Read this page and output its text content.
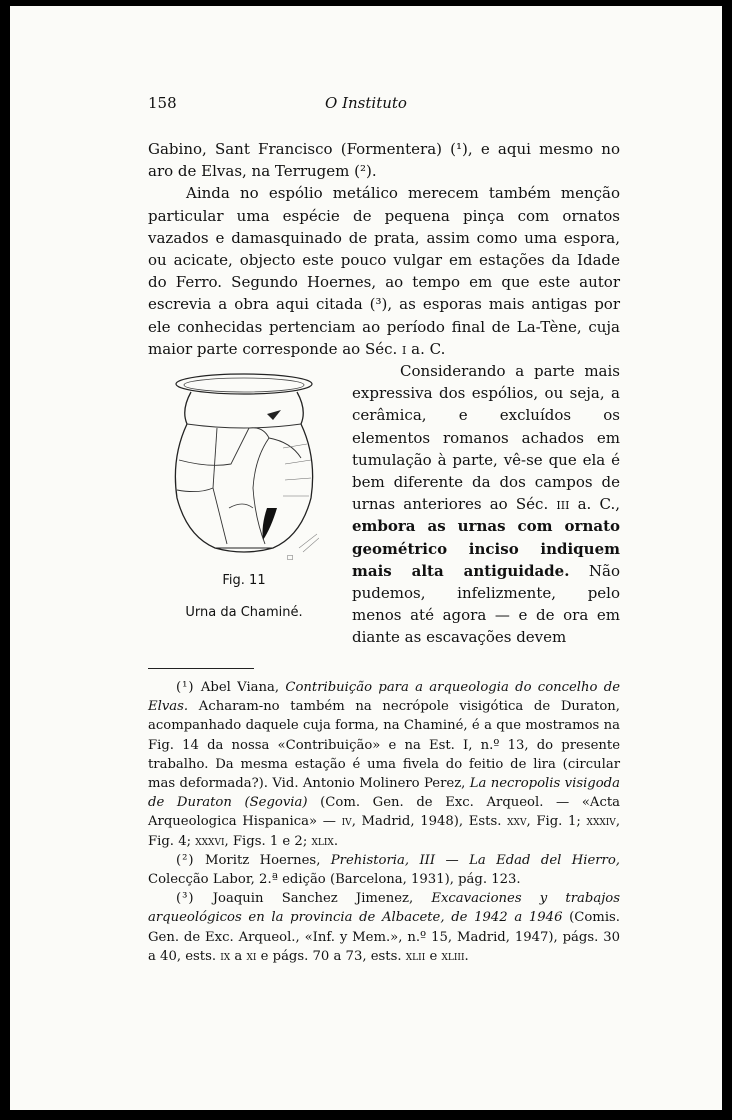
158	O Instituto

Gabino, Sant Francisco (Formentera) (¹), e aqui mesmo no aro de Elvas, na Terrugem (²).

Ainda no espólio metálico merecem também menção particular uma espécie de pequena pinça com ornatos vazados e damasquinado de prata, assim como uma espora, ou acicate, objecto este pouco vulgar em estações da Idade do Ferro. Segundo Hoernes, ao tempo em que este autor escrevia a obra aqui citada (³), as esporas mais antigas por ele conhecidas pertenciam ao período final de La-Tène, cuja maior parte corresponde ao Séc. i a. C.

☐
Fig. 11
Urna da Chaminé.

Considerando a parte mais expressiva dos espólios, ou seja, a cerâmica, e excluídos os elementos romanos achados em tumulação à parte, vê-se que ela é bem diferente da dos campos de urnas anteriores ao Séc. iii a. C., embora as urnas com ornato geométrico inciso indiquem mais alta antiguidade. Não pudemos, infelizmente, pelo menos até agora — e de ora em diante as escavações devem

(¹) Abel Viana, Contribuição para a arqueologia do concelho de Elvas. Acharam-no também na necrópole visigótica de Duraton, acompanhado daquele cuja forma, na Chaminé, é a que mostramos na Fig. 14 da nossa «Contribuição» e na Est. I, n.º 13, do presente trabalho. Da mesma estação é uma fivela do feitio de lira (circular mas deformada?). Vid. Antonio Molinero Perez, La necropolis visigoda de Duraton (Segovia) (Com. Gen. de Exc. Arqueol. — «Acta Arqueologica Hispanica» — iv, Madrid, 1948), Ests. xxv, Fig. 1; xxxiv, Fig. 4; xxxvi, Figs. 1 e 2; xlix.

(²) Moritz Hoernes, Prehistoria, III — La Edad del Hierro, Colecção Labor, 2.ª edição (Barcelona, 1931), pág. 123.

(³) Joaquin Sanchez Jimenez, Excavaciones y trabajos arqueológicos en la provincia de Albacete, de 1942 a 1946 (Comis. Gen. de Exc. Arqueol., «Inf. y Mem.», n.º 15, Madrid, 1947), págs. 30 a 40, ests. ix a xi e págs. 70 a 73, ests. xlii e xliii.
